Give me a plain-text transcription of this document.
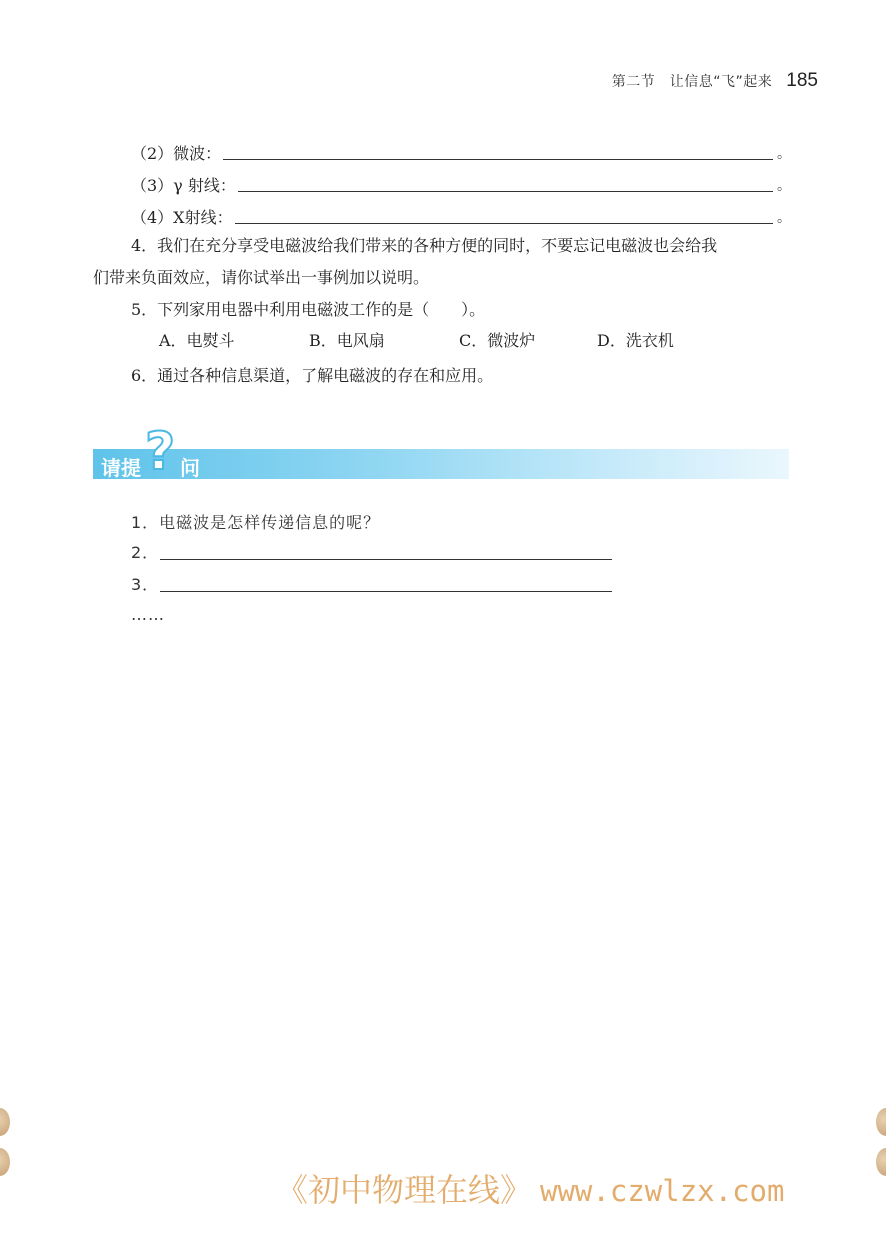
第二节　让信息“飞”起来 185
（2）微波：	。
（3）γ 射线：	。
（4）X射线：	。
4．我们在充分享受电磁波给我们带来的各种方便的同时，不要忘记电磁波也会给我
们带来负面效应，请你试举出一事例加以说明。
5．下列家用电器中利用电磁波工作的是（　　）。
A．电熨斗	B．电风扇	C．微波炉	D．洗衣机
6．通过各种信息渠道，了解电磁波的存在和应用。
请提 ? 问
1．电磁波是怎样传递信息的呢？
2．
3．
……
《初中物理在线》 www.czwlzx.com
